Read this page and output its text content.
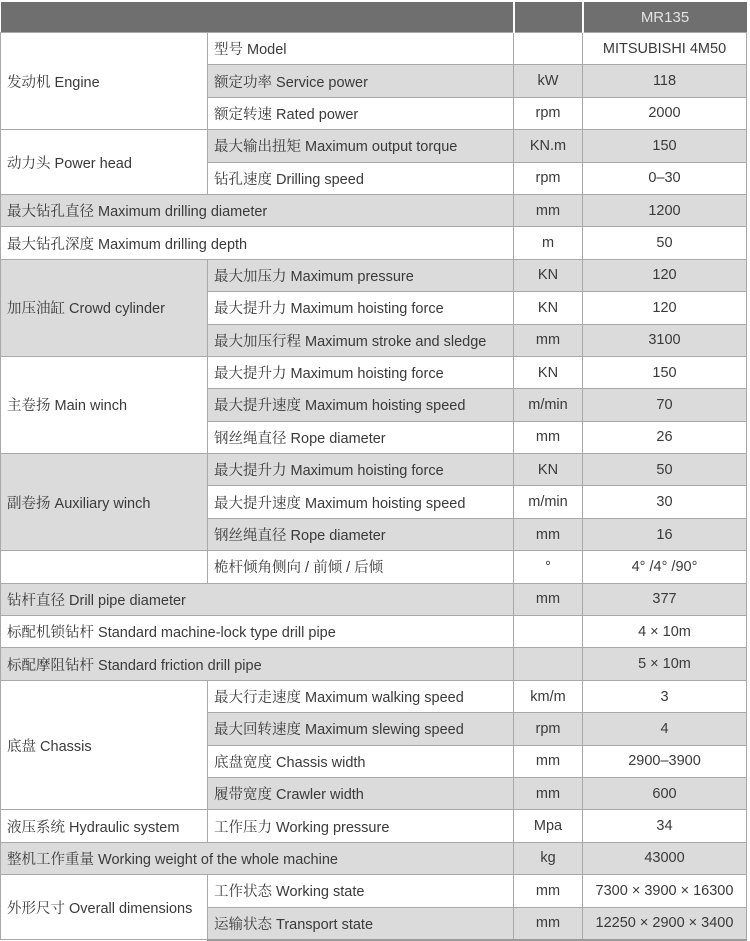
			MR135
发动机 Engine	型号 Model		MITSUBISHI 4M50
	额定功率 Service power	kW	118
	额定转速 Rated power	rpm	2000
动力头 Power head	最大输出扭矩 Maximum output torque	KN.m	150
	钻孔速度 Drilling speed	rpm	0–30
最大钻孔直径 Maximum drilling diameter		mm	1200
最大钻孔深度 Maximum drilling depth		m	50
加压油缸 Crowd cylinder	最大加压力 Maximum pressure	KN	120
	最大提升力 Maximum hoisting force	KN	120
	最大加压行程 Maximum stroke and sledge	mm	3100
主卷扬 Main winch	最大提升力 Maximum hoisting force	KN	150
	最大提升速度 Maximum hoisting speed	m/min	70
	钢丝绳直径 Rope diameter	mm	26
副卷扬 Auxiliary winch	最大提升力 Maximum hoisting force	KN	50
	最大提升速度 Maximum hoisting speed	m/min	30
	钢丝绳直径 Rope diameter	mm	16
	桅杆倾角侧向 / 前倾 / 后倾	°	4° /4° /90°
钻杆直径 Drill pipe diameter		mm	377
标配机锁钻杆 Standard machine-lock type drill pipe			4 × 10m
标配摩阻钻杆 Standard friction drill pipe			5 × 10m
底盘 Chassis	最大行走速度 Maximum walking speed	km/m	3
	最大回转速度 Maximum slewing speed	rpm	4
	底盘宽度 Chassis width	mm	2900–3900
	履带宽度 Crawler width	mm	600
液压系统 Hydraulic system	工作压力 Working pressure	Mpa	34
整机工作重量 Working weight of the whole machine		kg	43000
外形尺寸 Overall dimensions	工作状态 Working state	mm	7300 × 3900 × 16300
	运输状态 Transport state	mm	12250 × 2900 × 3400
